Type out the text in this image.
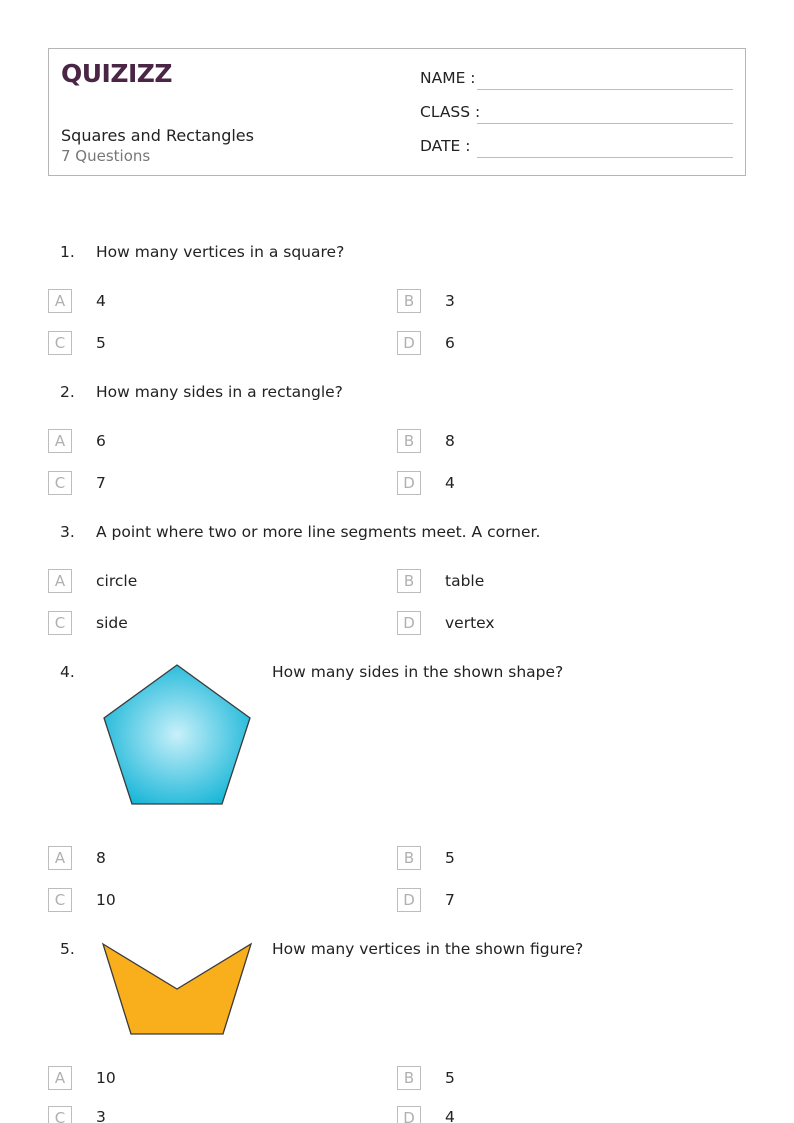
QUIZIZZ
Squares and Rectangles
7 Questions
NAME :
CLASS :
DATE :
1. How many vertices in a square?
A	4	B	3
C	5	D	6
2. How many sides in a rectangle?
A	6	B	8
C	7	D	4
3. A point where two or more line segments meet. A corner.
A	circle	B	table
C	side	D	vertex
4.	How many sides in the shown shape?
A	8	B	5
C	10	D	7
5.	How many vertices in the shown figure?
A	10	B	5
C	3	D	4
